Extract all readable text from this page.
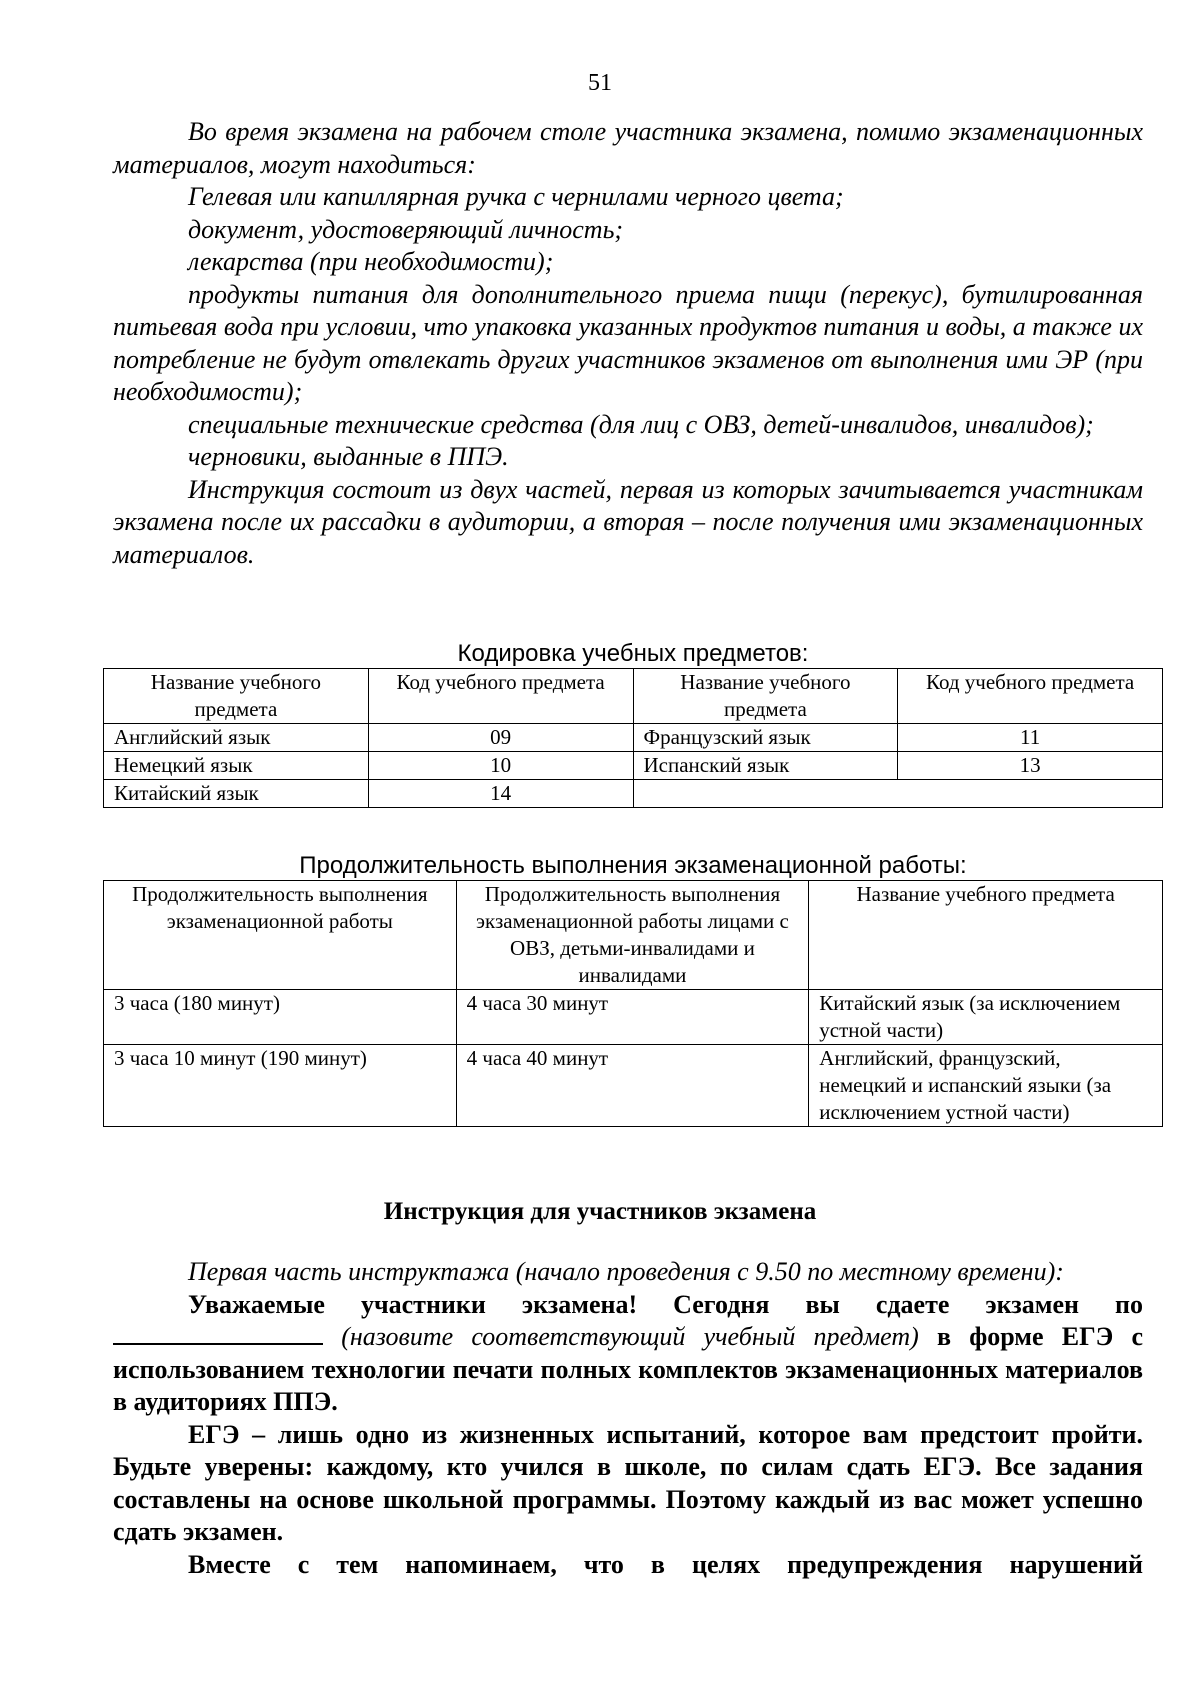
51

Во время экзамена на рабочем столе участника экзамена, помимо экзаменационных материалов, могут находиться:

Гелевая или капиллярная ручка с чернилами черного цвета;

документ, удостоверяющий личность;

лекарства (при необходимости);

продукты питания для дополнительного приема пищи (перекус), бутилированная питьевая вода при условии, что упаковка указанных продуктов питания и воды, а также их потребление не будут отвлекать других участников экзаменов от выполнения ими ЭР (при необходимости);

специальные технические средства (для лиц с ОВЗ, детей-инвалидов, инвалидов);

черновики, выданные в ППЭ.

Инструкция состоит из двух частей, первая из которых зачитывается участникам экзамена после их рассадки в аудитории, а вторая – после получения ими экзаменационных материалов.

Кодировка учебных предметов:

Название учебного предмета	Код учебного предмета	Название учебного предмета	Код учебного предмета
Английский язык	09	Французский язык	11
Немецкий язык	10	Испанский язык	13
Китайский язык	14		

Продолжительность выполнения экзаменационной работы:

Продолжительность выполнения экзаменационной работы	Продолжительность выполнения экзаменационной работы лицами с ОВЗ, детьми-инвалидами и инвалидами	Название учебного предмета
3 часа (180 минут)	4 часа 30 минут	Китайский язык (за исключением устной части)
3 часа 10 минут (190 минут)	4 часа 40 минут	Английский, французский, немецкий и испанский языки (за исключением устной части)

Инструкция для участников экзамена

Первая часть инструктажа (начало проведения с 9.50 по местному времени):

Уважаемые участники экзамена! Сегодня вы сдаете экзамен по  (назовите соответствующий учебный предмет) в форме ЕГЭ с использованием технологии печати полных комплектов экзаменационных материалов в аудиториях ППЭ.

ЕГЭ – лишь одно из жизненных испытаний, которое вам предстоит пройти. Будьте уверены: каждому, кто учился в школе, по силам сдать ЕГЭ. Все задания составлены на основе школьной программы. Поэтому каждый из вас может успешно сдать экзамен.

Вместе с тем напоминаем, что в целях предупреждения нарушений
